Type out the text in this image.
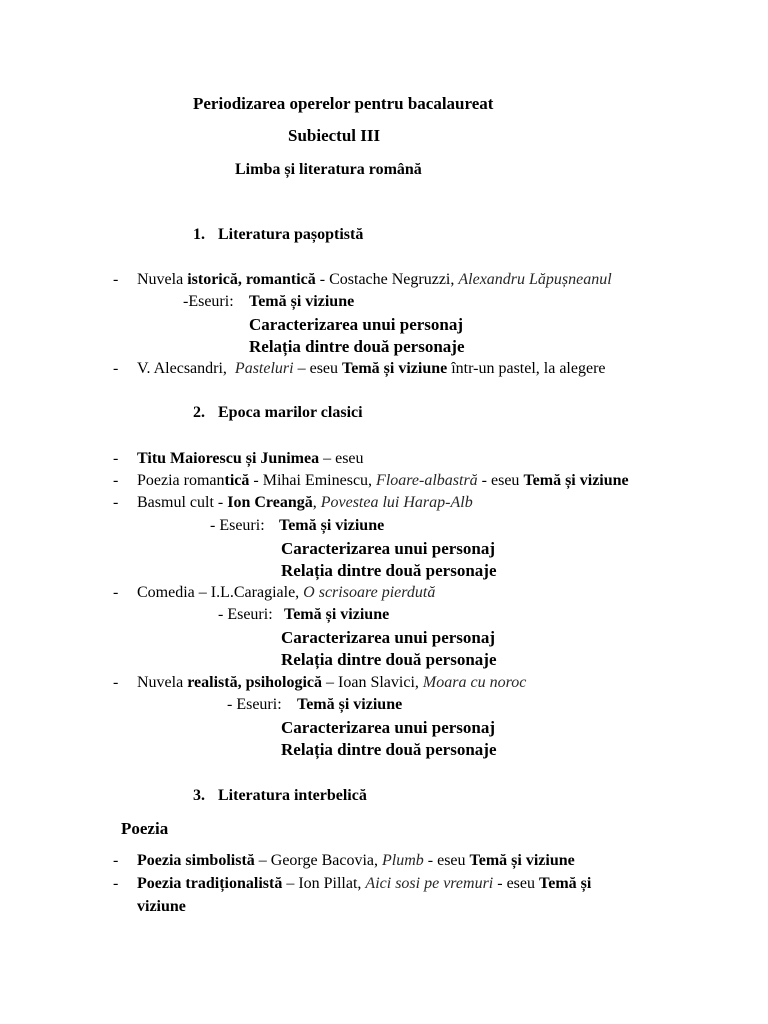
Periodizarea operelor pentru bacalaureat
Subiectul III
Limba și literatura română
1. Literatura pașoptistă
- Nuvela istorică, romantică - Costache Negruzzi, Alexandru Lăpușneanul
-Eseuri: Temă și viziune
Caracterizarea unui personaj
Relația dintre două personaje
- V. Alecsandri,  Pasteluri – eseu Temă și viziune într-un pastel, la alegere
2. Epoca marilor clasici
- Titu Maiorescu și Junimea – eseu
- Poezia romantică - Mihai Eminescu, Floare-albastră - eseu Temă și viziune
- Basmul cult - Ion Creangă, Povestea lui Harap-Alb
- Eseuri: Temă și viziune
Caracterizarea unui personaj
Relația dintre două personaje
- Comedia – I.L.Caragiale, O scrisoare pierdută
- Eseuri: Temă și viziune
Caracterizarea unui personaj
Relația dintre două personaje
- Nuvela realistă, psihologică – Ioan Slavici, Moara cu noroc
- Eseuri: Temă și viziune
Caracterizarea unui personaj
Relația dintre două personaje
3. Literatura interbelică
Poezia
- Poezia simbolistă – George Bacovia, Plumb - eseu Temă și viziune
- Poezia tradiționalistă – Ion Pillat, Aici sosi pe vremuri - eseu Temă și
viziune
